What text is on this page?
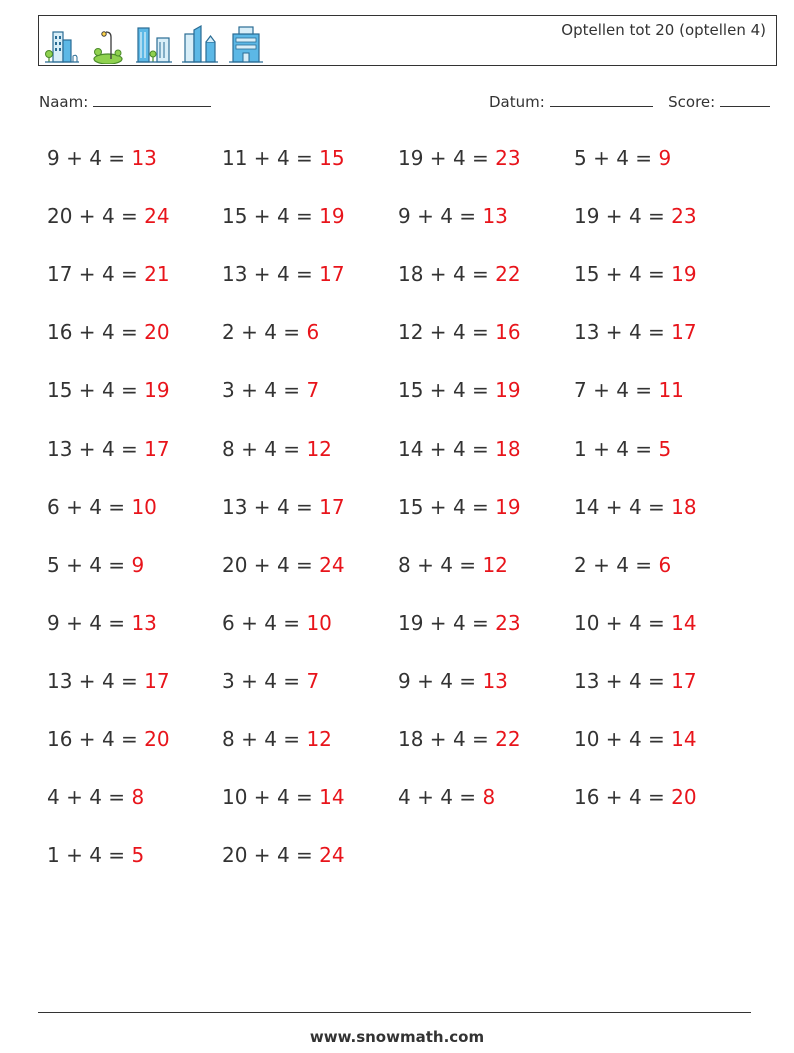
Optellen tot 20 (optellen 4)
Naam:	Datum:	Score:
9 + 4 = 13
20 + 4 = 24
17 + 4 = 21
16 + 4 = 20
15 + 4 = 19
13 + 4 = 17
6 + 4 = 10
5 + 4 = 9
9 + 4 = 13
13 + 4 = 17
16 + 4 = 20
4 + 4 = 8
1 + 4 = 5
11 + 4 = 15
15 + 4 = 19
13 + 4 = 17
2 + 4 = 6
3 + 4 = 7
8 + 4 = 12
13 + 4 = 17
20 + 4 = 24
6 + 4 = 10
3 + 4 = 7
8 + 4 = 12
10 + 4 = 14
20 + 4 = 24
19 + 4 = 23
9 + 4 = 13
18 + 4 = 22
12 + 4 = 16
15 + 4 = 19
14 + 4 = 18
15 + 4 = 19
8 + 4 = 12
19 + 4 = 23
9 + 4 = 13
18 + 4 = 22
4 + 4 = 8
5 + 4 = 9
19 + 4 = 23
15 + 4 = 19
13 + 4 = 17
7 + 4 = 11
1 + 4 = 5
14 + 4 = 18
2 + 4 = 6
10 + 4 = 14
13 + 4 = 17
10 + 4 = 14
16 + 4 = 20
www.snowmath.com
